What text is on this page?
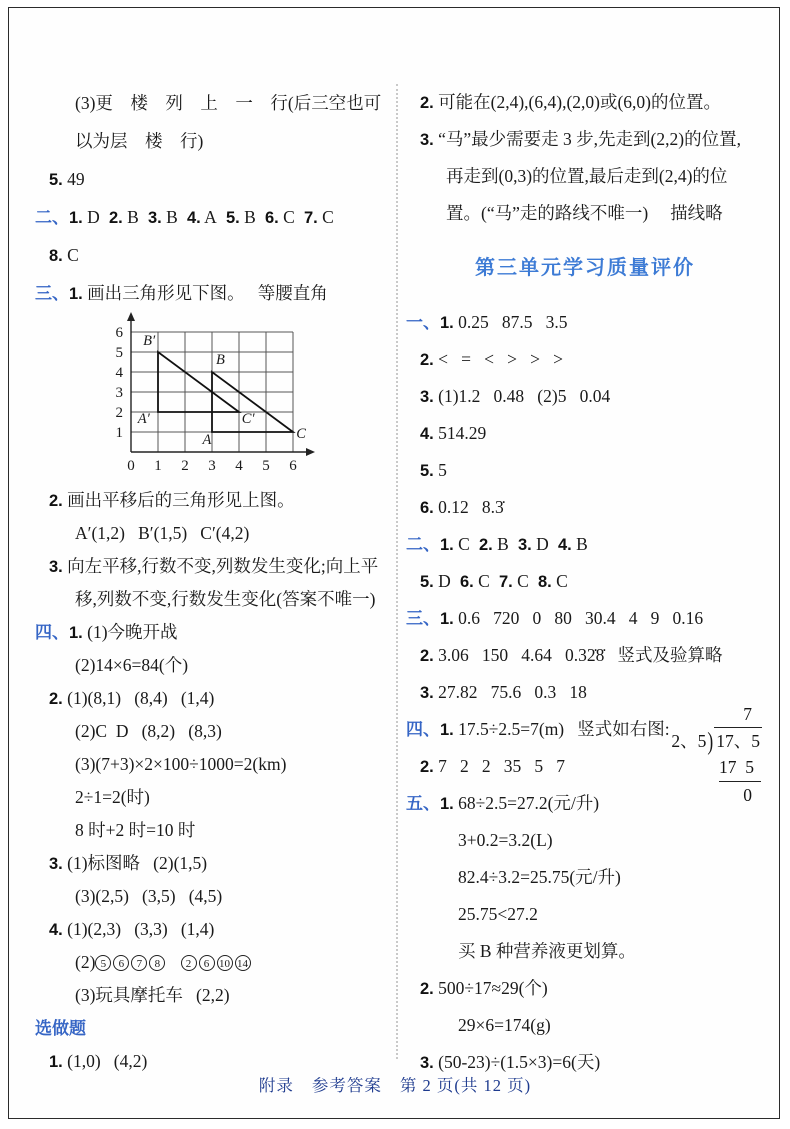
(3)更　楼　列　上　一　行(后三空也可
以为层　楼　行)
5. 49
二、1. D  2. B  3. B  4. A  5. B  6. C  7. C
8. C
三、1. 画出三角形见下图。　 等腰直角
0 1 2 3 4 5 6
1
2
3
4
5
6 B′
B
A′	C′
A	C
2. 画出平移后的三角形见上图。
A′(1,2)   B′(1,5)   C′(4,2)
3. 向左平移,行数不变,列数发生变化;向上平
移,列数不变,行数发生变化(答案不唯一)
四、1. (1)今晚开战
(2)14×6=84(个)
2. (1)(8,1)   (8,4)   (1,4)
(2)C  D   (8,2)   (8,3)
(3)(7+3)×2×100÷1000=2(km)
2÷1=2(时)
8 时+2 时=10 时
3. (1)标图略   (2)(1,5)
(3)(2,5)   (3,5)   (4,5)
4. (1)(2,3)   (3,3)   (1,4)
(2) 5 6 7 8 2 6 10 14
(3)玩具摩托车   (2,2)
选做题
1. (1,0)   (4,2)
2. 可能在(2,4),(6,4),(2,0)或(6,0)的位置。
3. “马”最少需要走 3 步,先走到(2,2)的位置,
再走到(0,3)的位置,最后走到(2,4)的位
置。(“马”走的路线不唯一)　 描线略
第三单元学习质量评价
一、1. 0.25   87.5   3.5
2. <   =   <   >   >   >
3. (1)1.2   0.48   (2)5   0.04
4. 514.29
5. 5
6. 0.12   8.3̇
二、1. C  2. B  3. D  4. B
5. D  6. C  7. C  8. C
三、1. 0.6   720   0   80   30.4   4   9   0.16
2. 3.06   150   4.64   0.32̇8̇   竖式及验算略
3. 27.82   75.6   0.3   18
四、1. 17.5÷2.5=7(m)   竖式如右图:
7
2、5) 17、5
17  5
0
2. 7   2   2   35   5   7
五、1. 68÷2.5=27.2(元/升)
3+0.2=3.2(L)
82.4÷3.2=25.75(元/升)
25.75<27.2
买 B 种营养液更划算。
2. 500÷17≈29(个)
29×6=174(g)
3. (50-23)÷(1.5×3)=6(天)
附录 参考答案 第 2 页(共 12 页)
